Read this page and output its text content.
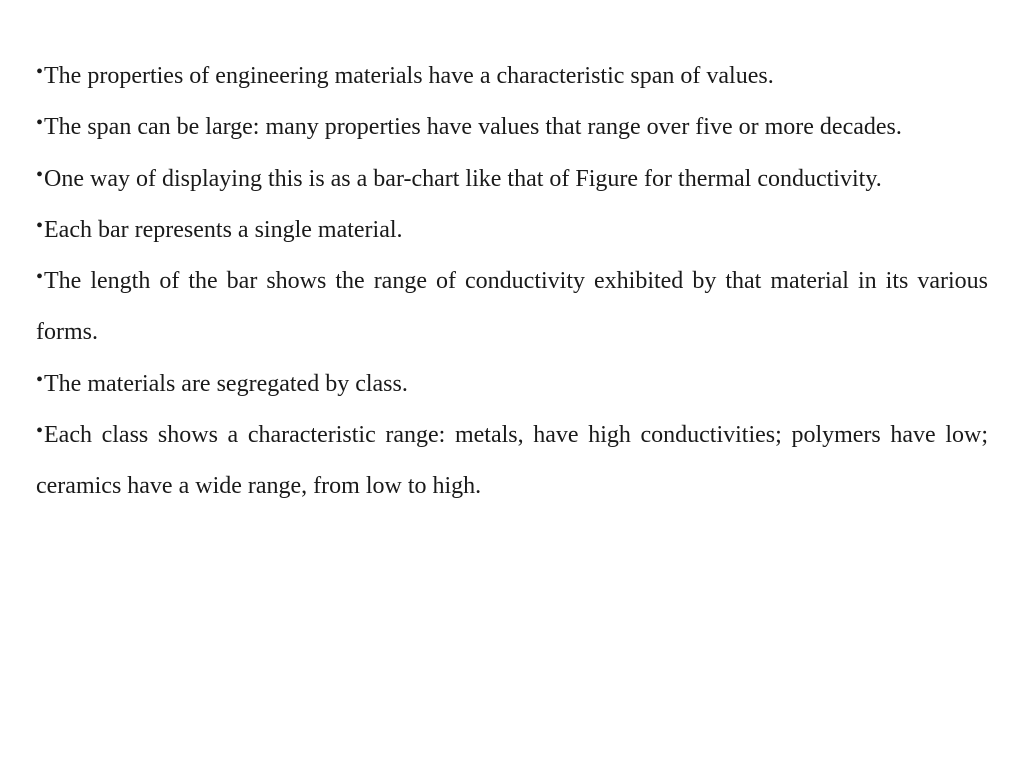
•The properties of engineering materials have a characteristic span of values.
•The span can be large: many properties have values that range over five or more decades.
•One way of displaying this is as a bar-chart like that of Figure for thermal conductivity.
•Each bar represents a single material.
•The length of the bar shows the range of conductivity exhibited by that material in its various forms.
•The materials are segregated by class.
•Each class shows a characteristic range: metals, have high conductivities; polymers have low; ceramics have a wide range, from low to high.
